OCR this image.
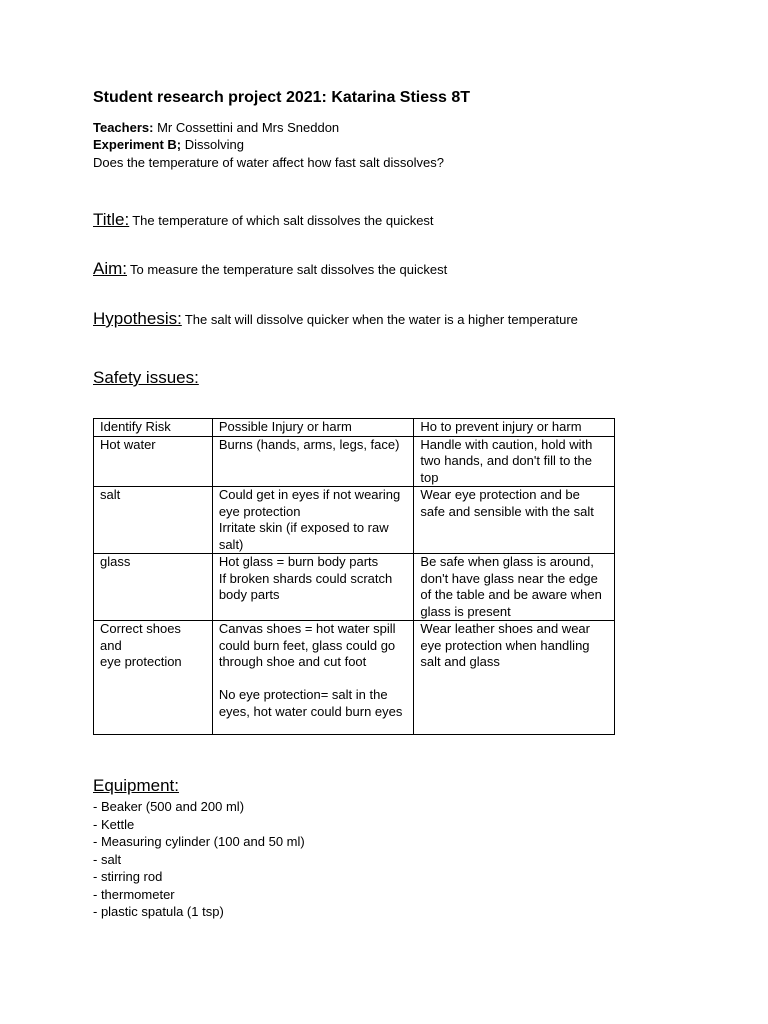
Student research project 2021: Katarina Stiess 8T
Teachers: Mr Cossettini and Mrs Sneddon
Experiment B; Dissolving
Does the temperature of water affect how fast salt dissolves?
Title: The temperature of which salt dissolves the quickest
Aim: To measure the temperature salt dissolves the quickest
Hypothesis: The salt will dissolve quicker when the water is a higher temperature
Safety issues:
Identify Risk	Possible Injury or harm	Ho to prevent injury or harm

Hot water	Burns (hands, arms, legs, face)	Handle with caution, hold with
two hands, and don't fill to the
top

salt	Could get in eyes if not wearing
eye protection
Irritate skin (if exposed to raw
salt)	Wear eye protection and be
safe and sensible with the salt

glass	Hot glass = burn body parts
If broken shards could scratch
body parts	Be safe when glass is around,
don't have glass near the edge
of the table and be aware when
glass is present

Correct shoes and
eye protection	Canvas shoes = hot water spill
could burn feet, glass could go
through shoe and cut foot
No eye protection= salt in the
eyes, hot water could burn eyes	Wear leather shoes and wear
eye protection when handling
salt and glass
Equipment:
- Beaker (500 and 200 ml)
- Kettle
- Measuring cylinder (100 and 50 ml)
- salt
- stirring rod
- thermometer
- plastic spatula (1 tsp)
